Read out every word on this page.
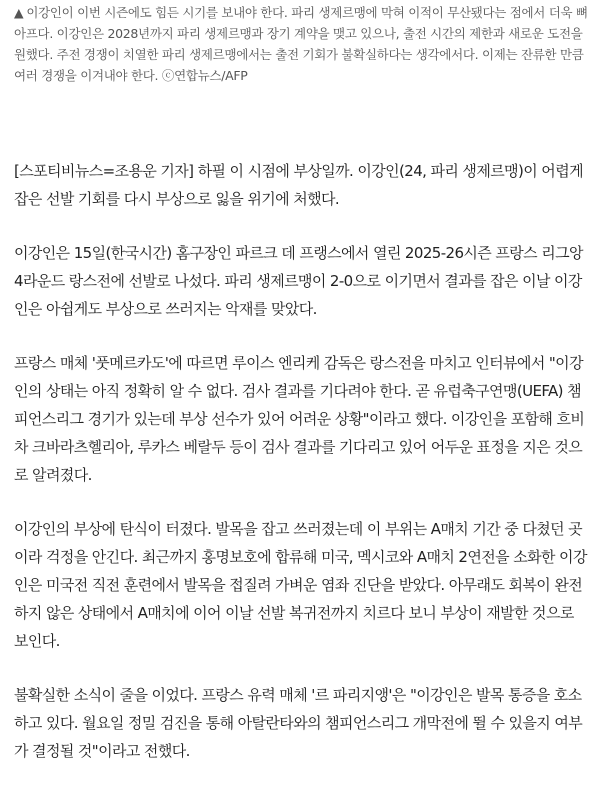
▲ 이강인이 이번 시즌에도 힘든 시기를 보내야 한다. 파리 생제르맹에 막혀 이적이 무산됐다는 점에서 더욱 뼈아프다. 이강인은 2028년까지 파리 생제르맹과 장기 계약을 맺고 있으나, 출전 시간의 제한과 새로운 도전을 원했다. 주전 경쟁이 치열한 파리 생제르맹에서는 출전 기회가 불확실하다는 생각에서다. 이제는 잔류한 만큼 여러 경쟁을 이겨내야 한다. ⓒ연합뉴스/AFP

[스포티비뉴스=조용운 기자] 하필 이 시점에 부상일까. 이강인(24, 파리 생제르맹)이 어렵게 잡은 선발 기회를 다시 부상으로 잃을 위기에 처했다.

이강인은 15일(한국시간) 홈구장인 파르크 데 프랭스에서 열린 2025-26시즌 프랑스 리그앙 4라운드 랑스전에 선발로 나섰다. 파리 생제르맹이 2-0으로 이기면서 결과를 잡은 이날 이강인은 아쉽게도 부상으로 쓰러지는 악재를 맞았다.

프랑스 매체 '풋메르카도'에 따르면 루이스 엔리케 감독은 랑스전을 마치고 인터뷰에서 "이강인의 상태는 아직 정확히 알 수 없다. 검사 결과를 기다려야 한다. 곧 유럽축구연맹(UEFA) 챔피언스리그 경기가 있는데 부상 선수가 있어 어려운 상황"이라고 했다. 이강인을 포함해 흐비차 크바라츠헬리아, 루카스 베랄두 등이 검사 결과를 기다리고 있어 어두운 표정을 지은 것으로 알려졌다.

이강인의 부상에 탄식이 터졌다. 발목을 잡고 쓰러졌는데 이 부위는 A매치 기간 중 다쳤던 곳이라 걱정을 안긴다. 최근까지 홍명보호에 합류해 미국, 멕시코와 A매치 2연전을 소화한 이강인은 미국전 직전 훈련에서 발목을 접질려 가벼운 염좌 진단을 받았다. 아무래도 회복이 완전하지 않은 상태에서 A매치에 이어 이날 선발 복귀전까지 치르다 보니 부상이 재발한 것으로 보인다.

불확실한 소식이 줄을 이었다. 프랑스 유력 매체 '르 파리지앵'은 "이강인은 발목 통증을 호소하고 있다. 월요일 정밀 검진을 통해 아탈란타와의 챔피언스리그 개막전에 뛸 수 있을지 여부가 결정될 것"이라고 전했다.
